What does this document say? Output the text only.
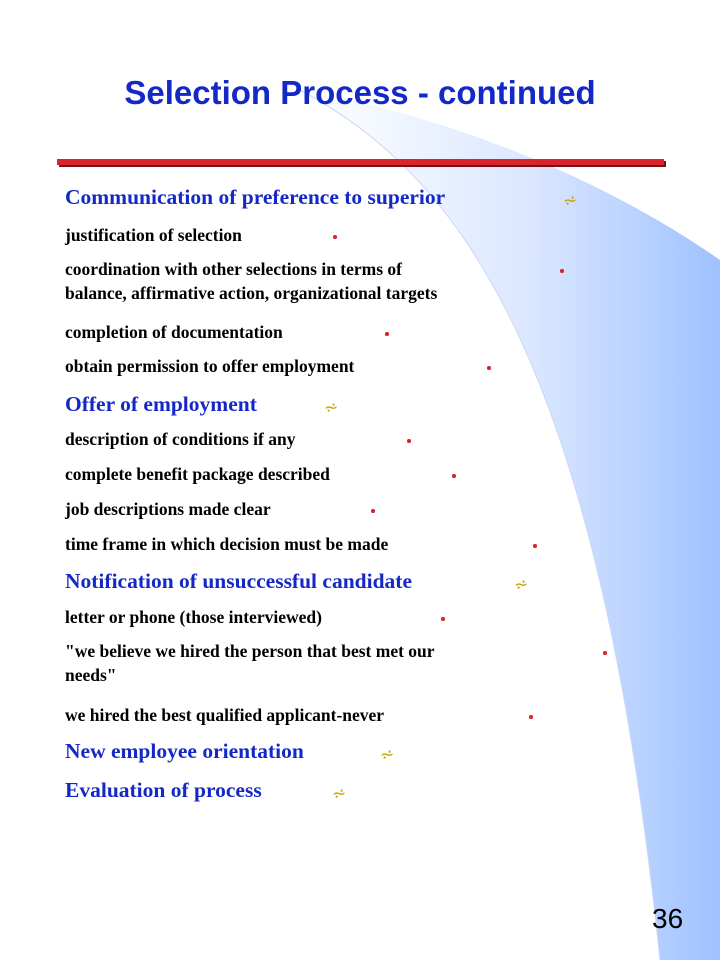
Selection Process - continued
Communication of preference to superior	⩫
justification of selection
coordination with other selections in terms of
balance, affirmative action, organizational targets
completion of documentation
obtain permission to offer employment
Offer of employment	⩫
description of conditions if any
complete benefit package described
job descriptions made clear
time frame in which decision must be made
Notification of unsuccessful candidate	⩫
letter or phone (those interviewed)
"we believe we hired the person that best met our
needs"
we hired the best qualified applicant-never
New employee orientation	⩫
Evaluation of process	⩫
36
